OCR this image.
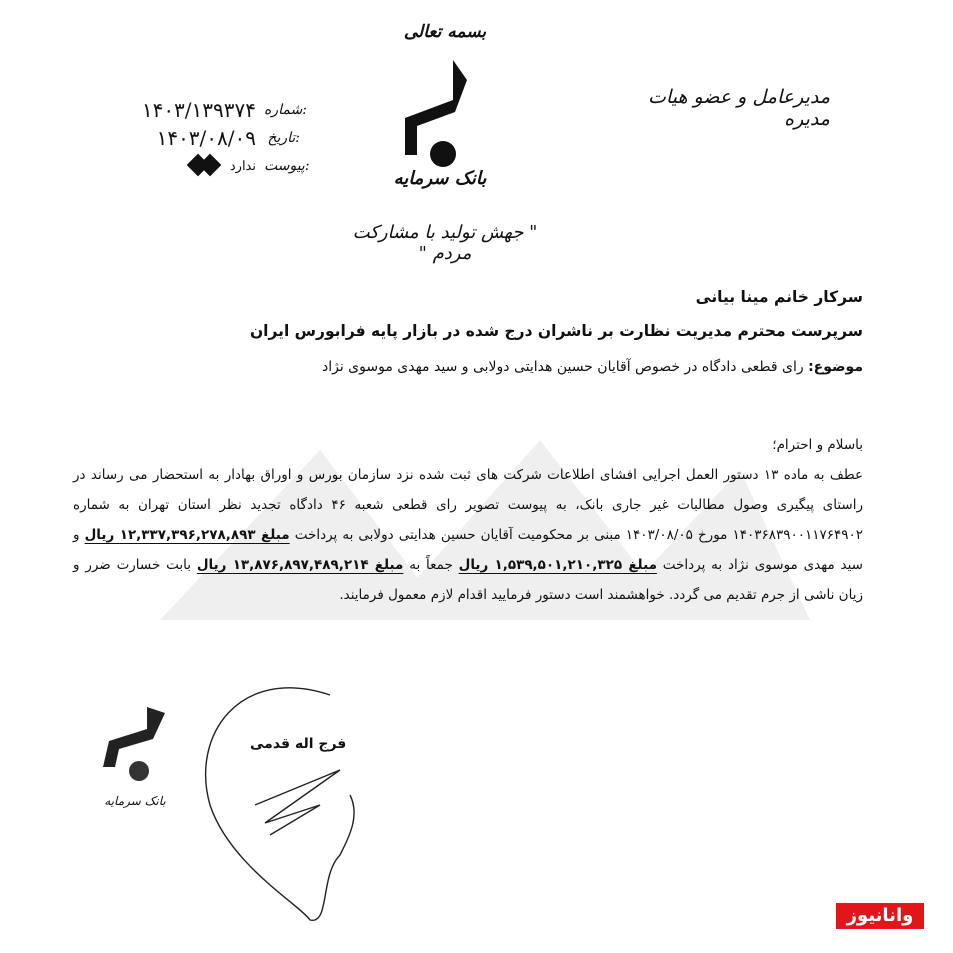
بسمه تعالی
بانک سرمایه
" جهش تولید با مشارکت مردم "
مدیرعامل و عضو هیات مدیره
شماره:
۱۴۰۳/۱۳۹۳۷۴
تاریخ:
۱۴۰۳/۰۸/۰۹
پیوست:
ندارد
سرکار خانم مینا بیانی
سرپرست محترم مدیریت نظارت بر ناشران درج شده در بازار پایه فرابورس ایران
موضوع: رای قطعی دادگاه در خصوص آقایان حسین هدایتی دولابی و سید مهدی موسوی نژاد

باسلام و احترام؛

عطف به ماده ۱۳ دستور العمل اجرایی افشای اطلاعات شرکت های ثبت شده نزد سازمان بورس و اوراق بهادار به استحضار می رساند در راستای پیگیری وصول مطالبات غیر جاری بانک، به پیوست تصویر رای قطعی شعبه ۴۶ دادگاه تجدید نظر استان تهران به شماره ۱۴۰۳۶۸۳۹۰۰۱۱۷۶۴۹۰۲ مورخ ۱۴۰۳/۰۸/۰۵ مبنی بر محکومیت آقایان حسین هدایتی دولابی به پرداخت مبلغ ۱۲,۳۳۷,۳۹۶,۲۷۸,۸۹۳ ریال و سید مهدی موسوی نژاد به پرداخت مبلغ ۱,۵۳۹,۵۰۱,۲۱۰,۳۲۵ ریال جمعاً به مبلغ ۱۳,۸۷۶,۸۹۷,۴۸۹,۲۱۴ ریال بابت خسارت ضرر و زیان ناشی از جرم تقدیم می گردد. خواهشمند است دستور فرمایید اقدام لازم معمول فرمایند.

بانک سرمایه
فرج اله قدمی
وانانیوز
